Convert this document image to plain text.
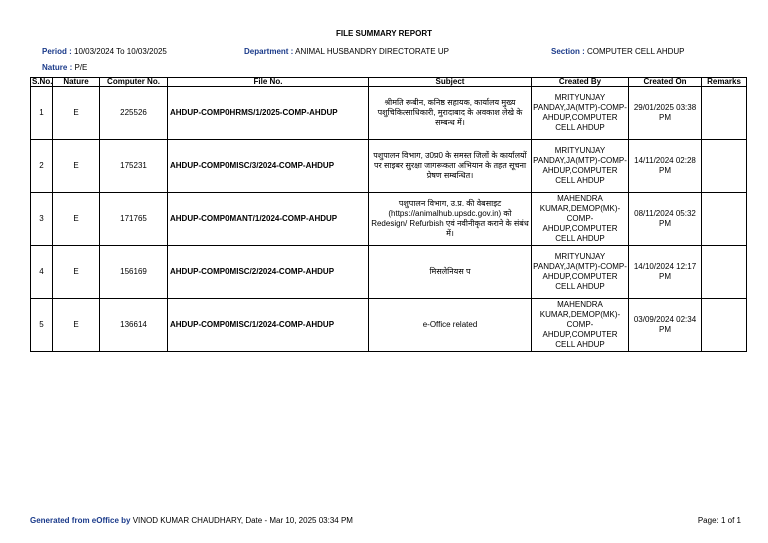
FILE SUMMARY REPORT
Period : 10/03/2024 To 10/03/2025	Department : ANIMAL HUSBANDRY DIRECTORATE UP	Section : COMPUTER CELL AHDUP
Nature : P/E
S.No.	Nature	Computer No.	File No.	Subject	Created By	Created On	Remarks
1	E	225526	AHDUP-COMP0HRMS/1/2025-COMP-AHDUP	श्रीमति रूबीन, कनिष्ठ सहायक, कार्यालय मुख्य पशुचिकित्साधिकारी, मुरादाबाद के अवकाश लेखे के सम्बन्ध में।	MRITYUNJAY PANDAY,JA(MTP)-COMP-AHDUP,COMPUTER CELL AHDUP	29/01/2025 03:38 PM	
2	E	175231	AHDUP-COMP0MISC/3/2024-COMP-AHDUP	पशुपालन विभाग, उ0प्र0 के समस्त जिलों के कार्यालयों पर साइबर सुरक्षा जागरूकता अभियान के तहत सूचना प्रेषण सम्बन्धित।	MRITYUNJAY PANDAY,JA(MTP)-COMP-AHDUP,COMPUTER CELL AHDUP	14/11/2024 02:28 PM	
3	E	171765	AHDUP-COMP0MANT/1/2024-COMP-AHDUP	पशुपालन विभाग, उ.प्र. की वेबसाइट (https://animalhub.upsdc.gov.in) को Redesign/ Refurbish एवं नवीनीकृत कराने के संबंध में।	MAHENDRA KUMAR,DEMOP(MK)-COMP-AHDUP,COMPUTER CELL AHDUP	08/11/2024 05:32 PM	
4	E	156169	AHDUP-COMP0MISC/2/2024-COMP-AHDUP	मिसलेनियस प	MRITYUNJAY PANDAY,JA(MTP)-COMP-AHDUP,COMPUTER CELL AHDUP	14/10/2024 12:17 PM	
5	E	136614	AHDUP-COMP0MISC/1/2024-COMP-AHDUP	e-Office related	MAHENDRA KUMAR,DEMOP(MK)-COMP-AHDUP,COMPUTER CELL AHDUP	03/09/2024 02:34 PM	
Generated from eOffice by VINOD KUMAR CHAUDHARY, Date - Mar 10, 2025 03:34 PM	Page: 1 of 1
